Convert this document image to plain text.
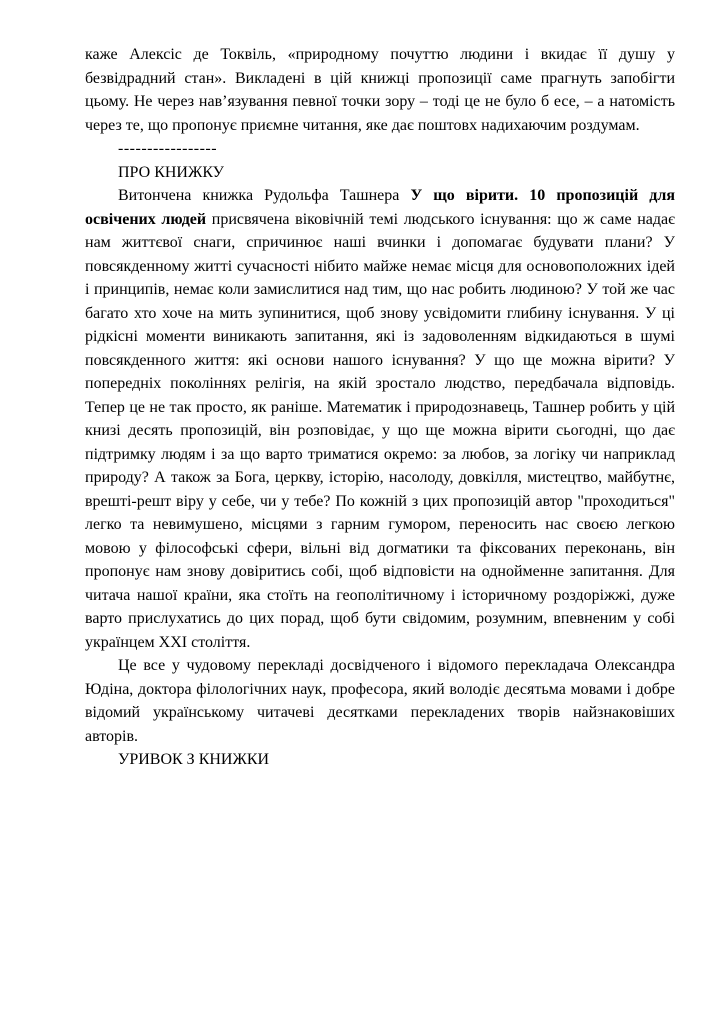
каже Алексіс де Токвіль, «природному почуттю людини і вкидає її душу у безвідрадний стан». Викладені в цій книжці пропозиції саме прагнуть запобігти цьому. Не через нав’язування певної точки зору – тоді це не було б есе, – а натомість через те, що пропонує приємне читання, яке дає поштовх надихаючим роздумам.

-----------------

ПРО КНИЖКУ

Витончена книжка Рудольфа Ташнера У що вірити. 10 пропозицій для освічених людей присвячена віковічній темі людського існування: що ж саме надає нам життєвої снаги, спричинює наші вчинки і допомагає будувати плани? У повсякденному житті сучасності нібито майже немає місця для основоположних ідей і принципів, немає коли замислитися над тим, що нас робить людиною? У той же час багато хто хоче на мить зупинитися, щоб знову усвідомити глибину існування. У ці рідкісні моменти виникають запитання, які із задоволенням відкидаються в шумі повсякденного життя: які основи нашого існування? У що ще можна вірити? У попередніх поколіннях релігія, на якій зростало людство, передбачала відповідь. Тепер це не так просто, як раніше. Математик і природознавець, Ташнер робить у цій книзі десять пропозицій, він розповідає, у що ще можна вірити сьогодні, що дає підтримку людям і за що варто триматися окремо: за любов, за логіку чи наприклад природу? А також за Бога, церкву, історію, насолоду, довкілля, мистецтво, майбутнє, врешті-решт віру у себе, чи у тебе? По кожній з цих пропозицій автор "проходиться" легко та невимушено, місцями з гарним гумором, переносить нас своєю легкою мовою у філософські сфери, вільні від догматики та фіксованих переконань, він пропонує нам знову довіритись собі, щоб відповісти на однойменне запитання. Для читача нашої країни, яка стоїть на геополітичному і історичному роздоріжжі, дуже варто прислухатись до цих порад, щоб бути свідомим, розумним, впевненим у собі українцем XXI століття.

Це все у чудовому перекладі досвідченого і відомого перекладача Олександра Юдіна, доктора філологічних наук, професора, який володіє десятьма мовами і добре відомий українському читачеві десятками перекладених творів найзнаковіших авторів.

УРИВОК З КНИЖКИ
